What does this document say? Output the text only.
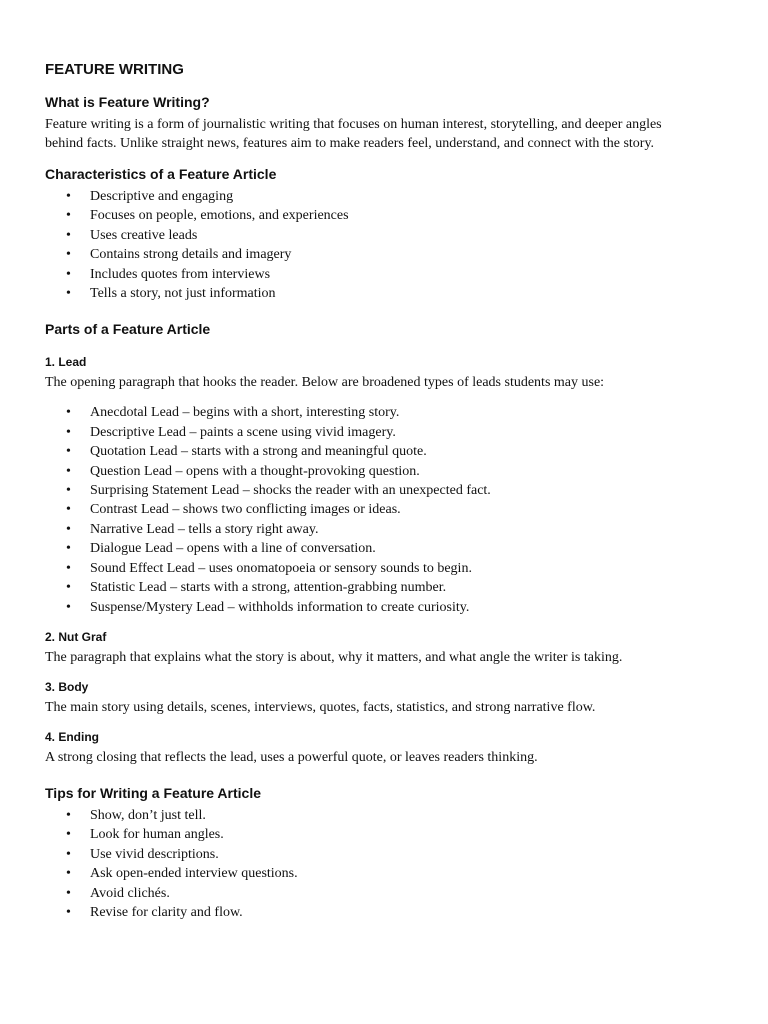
FEATURE WRITING
What is Feature Writing?

Feature writing is a form of journalistic writing that focuses on human interest, storytelling, and deeper angles
behind facts. Unlike straight news, features aim to make readers feel, understand, and connect with the story.

Characteristics of a Feature Article
• Descriptive and engaging
• Focuses on people, emotions, and experiences
• Uses creative leads
• Contains strong details and imagery
• Includes quotes from interviews
• Tells a story, not just information
Parts of a Feature Article
1. Lead

The opening paragraph that hooks the reader. Below are broadened types of leads students may use:

• Anecdotal Lead – begins with a short, interesting story.
• Descriptive Lead – paints a scene using vivid imagery.
• Quotation Lead – starts with a strong and meaningful quote.
• Question Lead – opens with a thought-provoking question.
• Surprising Statement Lead – shocks the reader with an unexpected fact.
• Contrast Lead – shows two conflicting images or ideas.
• Narrative Lead – tells a story right away.
• Dialogue Lead – opens with a line of conversation.
• Sound Effect Lead – uses onomatopoeia or sensory sounds to begin.
• Statistic Lead – starts with a strong, attention-grabbing number.
• Suspense/Mystery Lead – withholds information to create curiosity.
2. Nut Graf

The paragraph that explains what the story is about, why it matters, and what angle the writer is taking.

3. Body

The main story using details, scenes, interviews, quotes, facts, statistics, and strong narrative flow.

4. Ending

A strong closing that reflects the lead, uses a powerful quote, or leaves readers thinking.

Tips for Writing a Feature Article
• Show, don’t just tell.
• Look for human angles.
• Use vivid descriptions.
• Ask open-ended interview questions.
• Avoid clichés.
• Revise for clarity and flow.
